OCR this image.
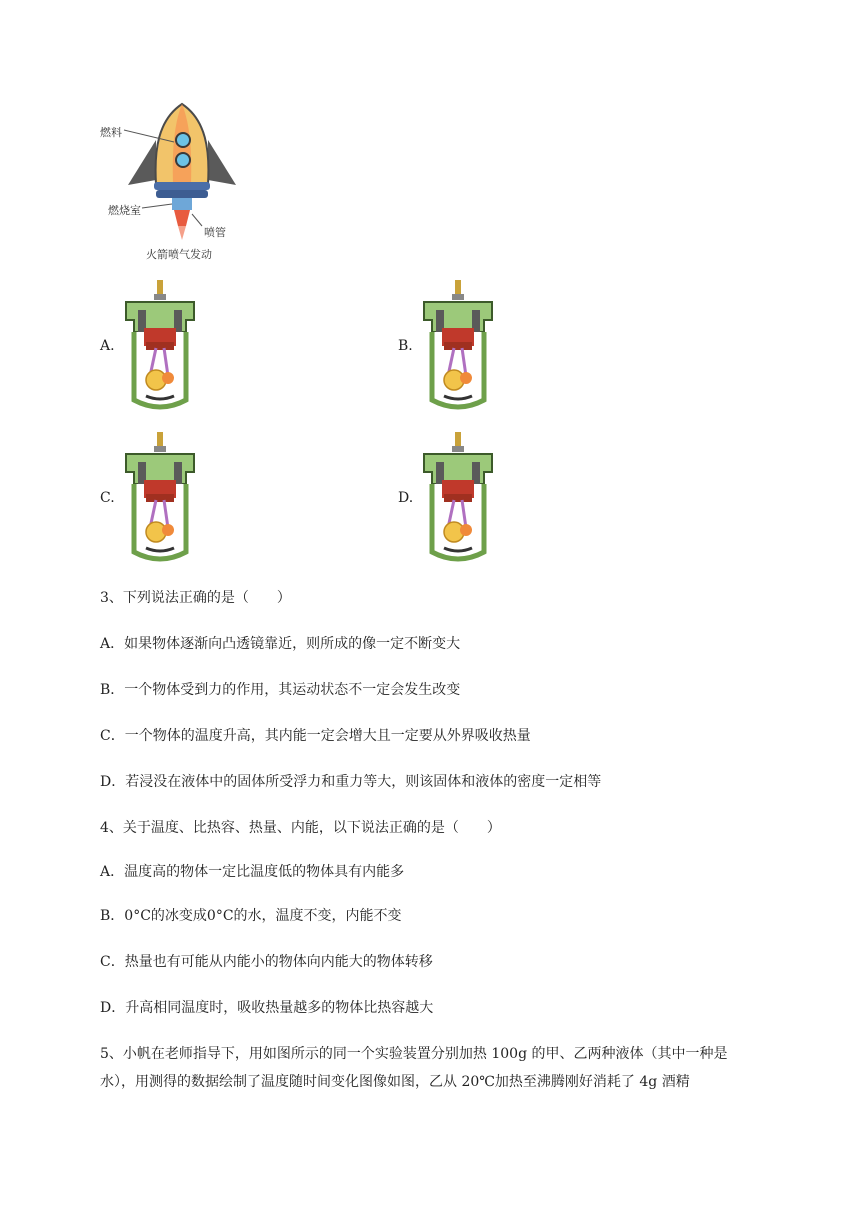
燃料
燃烧室
喷管
火箭喷气发动
A.	B.
C.	D.
3、下列说法正确的是（　　）
A．如果物体逐渐向凸透镜靠近，则所成的像一定不断变大
B．一个物体受到力的作用，其运动状态不一定会发生改变
C．一个物体的温度升高，其内能一定会增大且一定要从外界吸收热量
D．若浸没在液体中的固体所受浮力和重力等大，则该固体和液体的密度一定相等
4、关于温度、比热容、热量、内能，以下说法正确的是（　　）
A．温度高的物体一定比温度低的物体具有内能多
B．0°C的冰变成0°C的水，温度不变，内能不变
C．热量也有可能从内能小的物体向内能大的物体转移
D．升高相同温度时，吸收热量越多的物体比热容越大
5、小帆在老师指导下，用如图所示的同一个实验装置分别加热 100g 的甲、乙两种液体（其中一种是
水），用测得的数据绘制了温度随时间变化图像如图，乙从 20℃加热至沸腾刚好消耗了 4g 酒精
